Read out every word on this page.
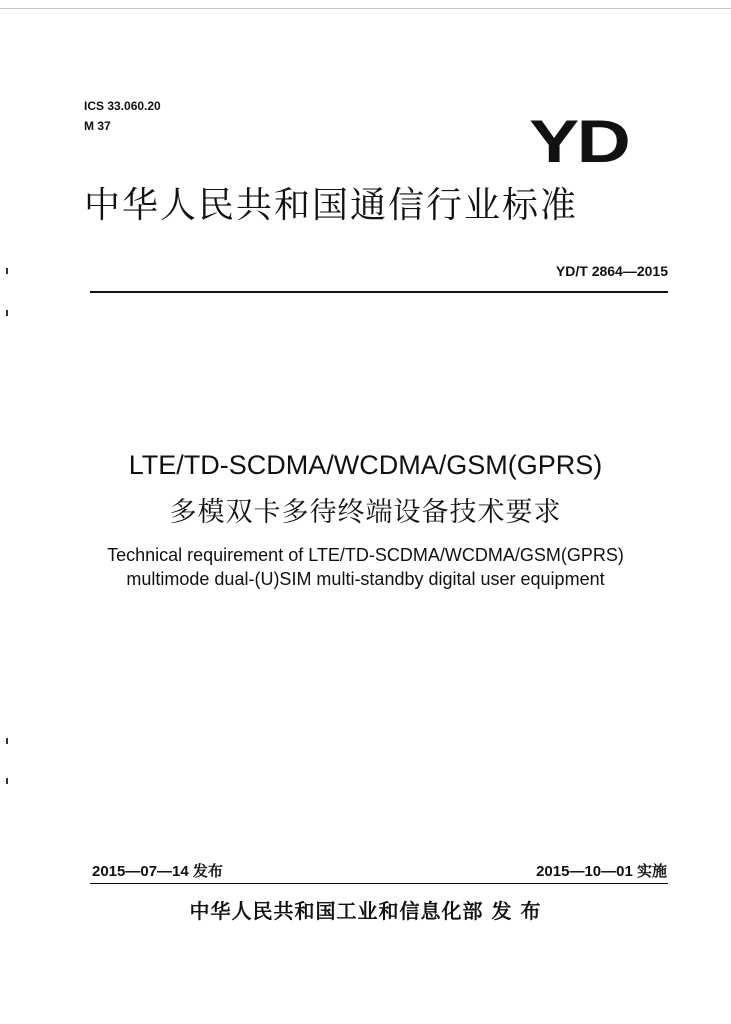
ICS 33.060.20
M 37	YD
中华人民共和国通信行业标准
YD/T 2864—2015
LTE/TD-SCDMA/WCDMA/GSM(GPRS)
多模双卡多待终端设备技术要求
Technical requirement of LTE/TD-SCDMA/WCDMA/GSM(GPRS)
multimode dual-(U)SIM multi-standby digital user equipment
2015—07—14 发布	2015—10—01 实施
中华人民共和国工业和信息化部 发 布
